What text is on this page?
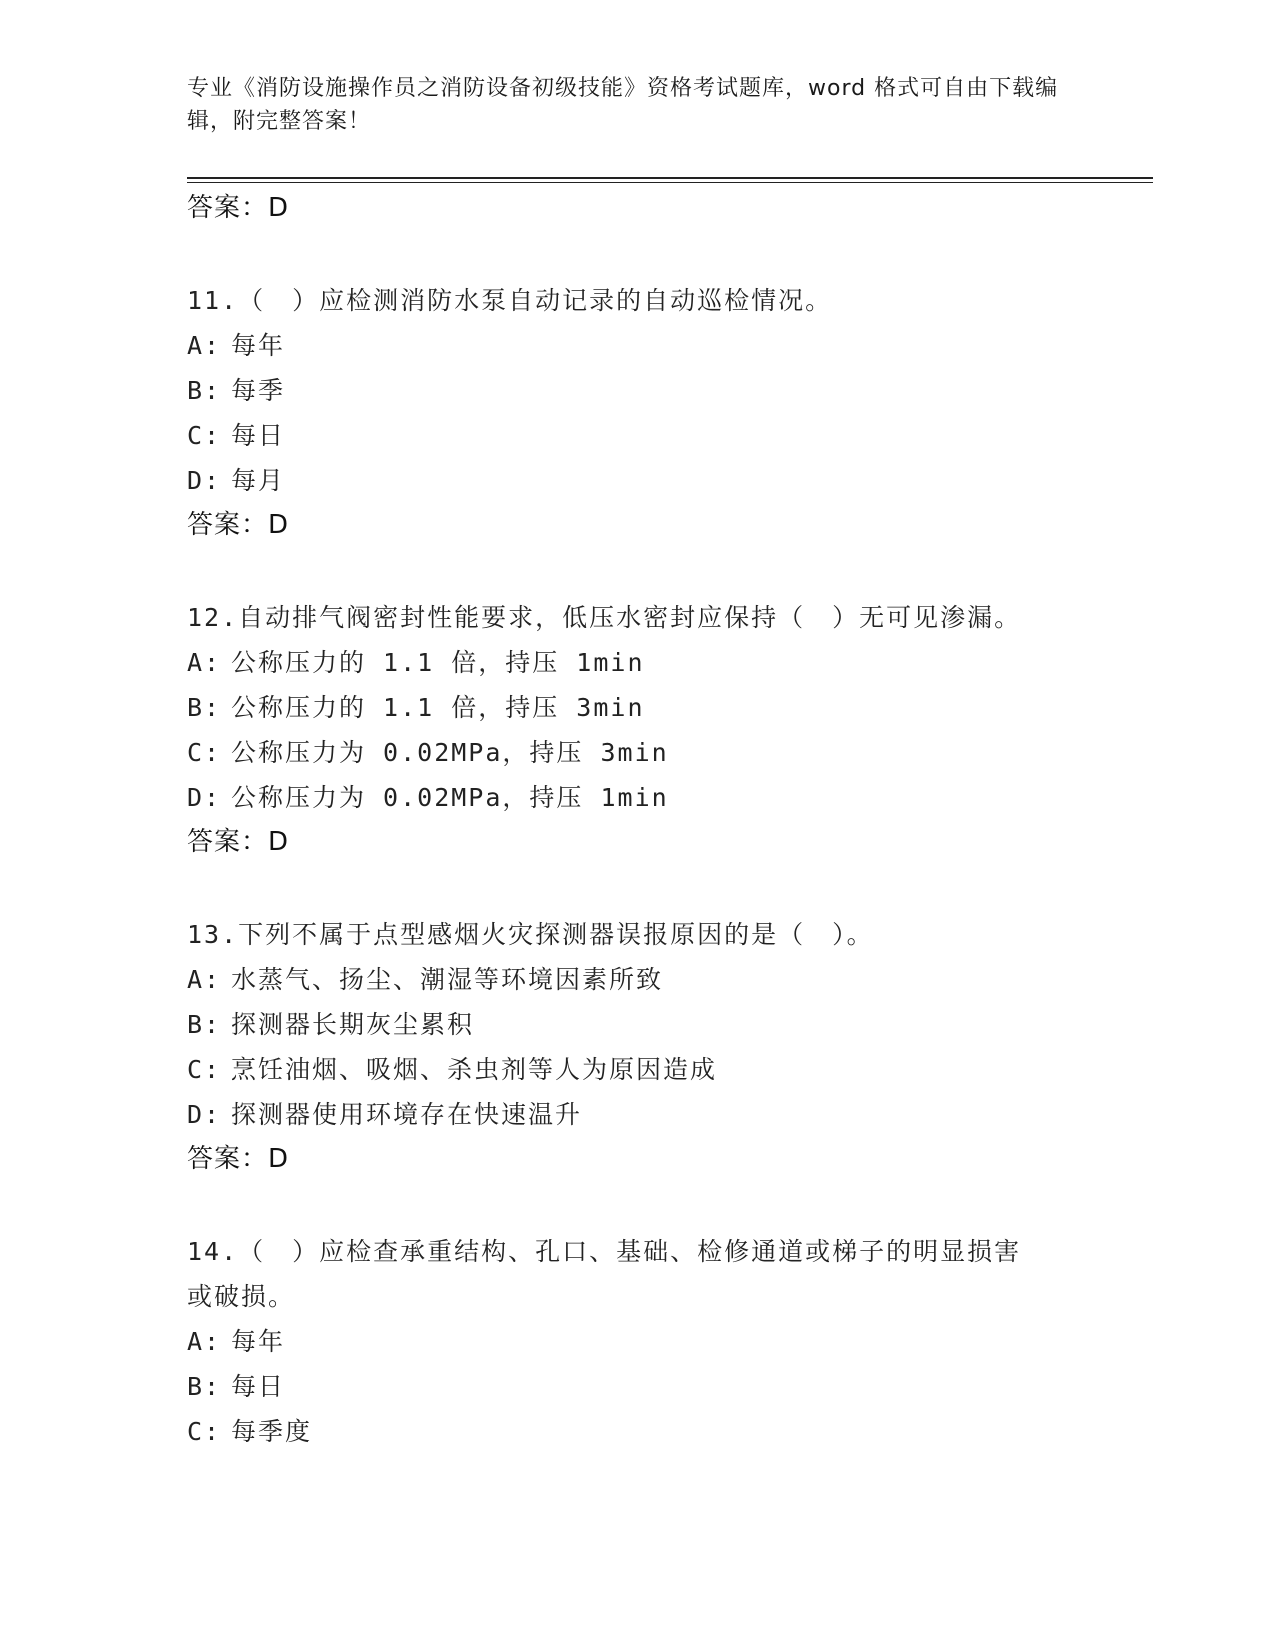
专业《消防设施操作员之消防设备初级技能》资格考试题库，word 格式可自由下载编辑，附完整答案！
答案：D
11.（　）应检测消防水泵自动记录的自动巡检情况。
A: 每年
B: 每季
C: 每日
D: 每月
答案：D
12.自动排气阀密封性能要求，低压水密封应保持（　）无可见渗漏。
A: 公称压力的 1.1 倍，持压 1min
B: 公称压力的 1.1 倍，持压 3min
C: 公称压力为 0.02MPa，持压 3min
D: 公称压力为 0.02MPa，持压 1min
答案：D
13.下列不属于点型感烟火灾探测器误报原因的是（　）。
A: 水蒸气、扬尘、潮湿等环境因素所致
B: 探测器长期灰尘累积
C: 烹饪油烟、吸烟、杀虫剂等人为原因造成
D: 探测器使用环境存在快速温升
答案：D
14.（　）应检查承重结构、孔口、基础、检修通道或梯子的明显损害
或破损。
A: 每年
B: 每日
C: 每季度
